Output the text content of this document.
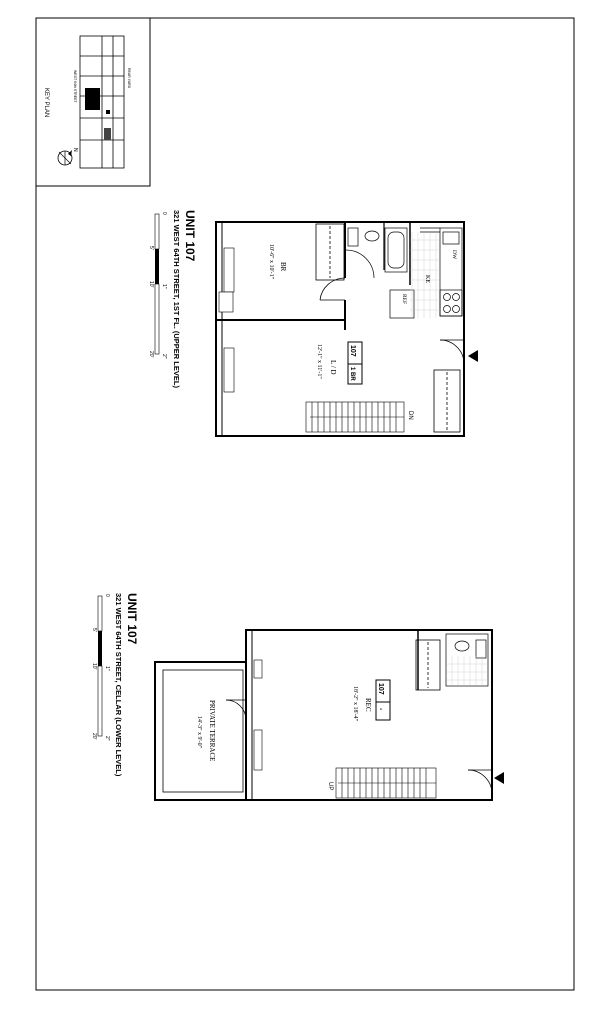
WEST 64th STREET	REAR YARD
KEY PLAN
N
UNIT 107
321 WEST 64TH STREET, 1ST FL. (UPPER LEVEL)
0
5'
10' 1"
20' 2"
DN
BR
10'-6" x 10'-1"
L / D
12'-1" x 11'-1"
KE
REF
DW
107
1 BR
UNIT 107
321 WEST 64TH STREET, CELLAR (LOWER LEVEL)
0
5'
10' 1"
20' 2"
UP
REC
18'-2" x 18'-4"
PRIVATE TERRACE
14'-3" x 9'-0"
107
-
